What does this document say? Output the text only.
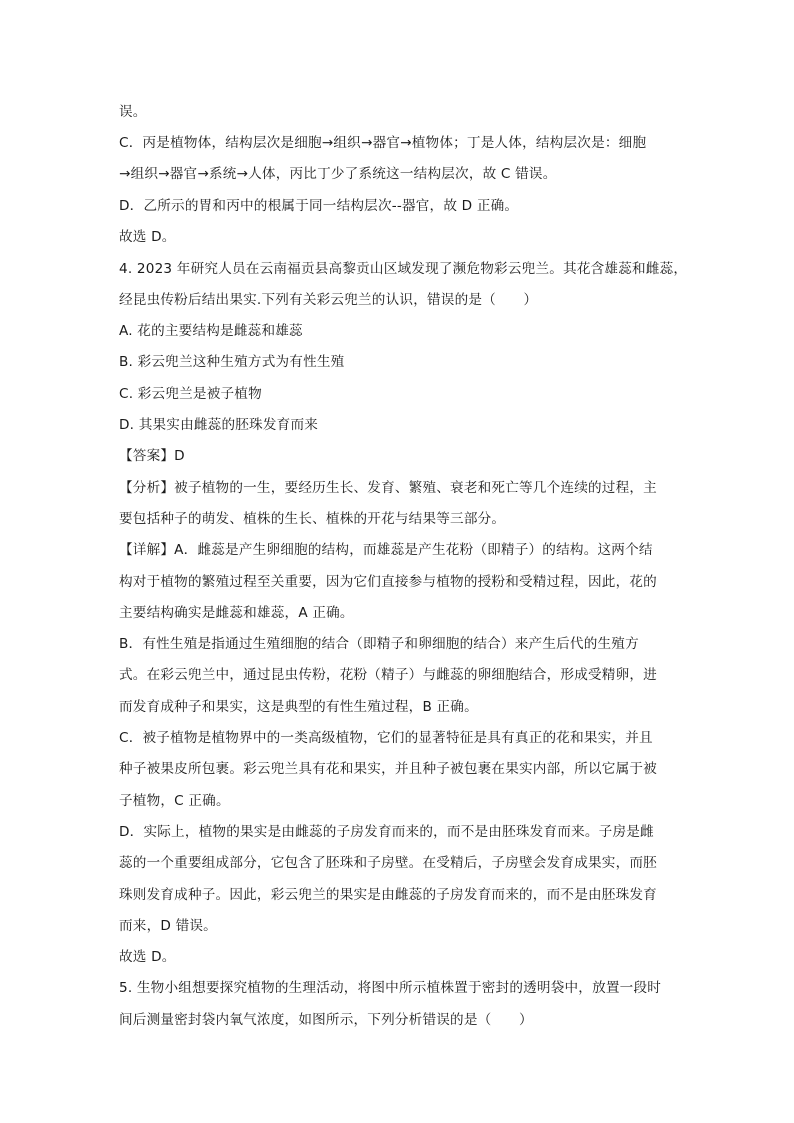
误。
C．丙是植物体，结构层次是细胞→组织→器官→植物体；丁是人体，结构层次是：细胞
→组织→器官→系统→人体，丙比丁少了系统这一结构层次，故 C 错误。
D．乙所示的胃和丙中的根属于同一结构层次--器官，故 D 正确。
故选 D。
4. 2023 年研究人员在云南福贡县高黎贡山区域发现了濒危物彩云兜兰。其花含雄蕊和雌蕊，
经昆虫传粉后结出果实.下列有关彩云兜兰的认识，错误的是（　　）
A. 花的主要结构是雌蕊和雄蕊
B. 彩云兜兰这种生殖方式为有性生殖
C. 彩云兜兰是被子植物
D. 其果实由雌蕊的胚珠发育而来
【答案】D
【分析】被子植物的一生，要经历生长、发育、繁殖、衰老和死亡等几个连续的过程，主
要包括种子的萌发、植株的生长、植株的开花与结果等三部分。
【详解】A．雌蕊是产生卵细胞的结构，而雄蕊是产生花粉（即精子）的结构。这两个结
构对于植物的繁殖过程至关重要，因为它们直接参与植物的授粉和受精过程，因此，花的
主要结构确实是雌蕊和雄蕊，A 正确。
B．有性生殖是指通过生殖细胞的结合（即精子和卵细胞的结合）来产生后代的生殖方
式。在彩云兜兰中，通过昆虫传粉，花粉（精子）与雌蕊的卵细胞结合，形成受精卵，进
而发育成种子和果实，这是典型的有性生殖过程，B 正确。
C．被子植物是植物界中的一类高级植物，它们的显著特征是具有真正的花和果实，并且
种子被果皮所包裹。彩云兜兰具有花和果实，并且种子被包裹在果实内部，所以它属于被
子植物，C 正确。
D．实际上，植物的果实是由雌蕊的子房发育而来的，而不是由胚珠发育而来。子房是雌
蕊的一个重要组成部分，它包含了胚珠和子房壁。在受精后，子房壁会发育成果实，而胚
珠则发育成种子。因此，彩云兜兰的果实是由雌蕊的子房发育而来的，而不是由胚珠发育
而来，D 错误。
故选 D。
5. 生物小组想要探究植物的生理活动，将图中所示植株置于密封的透明袋中，放置一段时
间后测量密封袋内氧气浓度，如图所示，下列分析错误的是（　　）
